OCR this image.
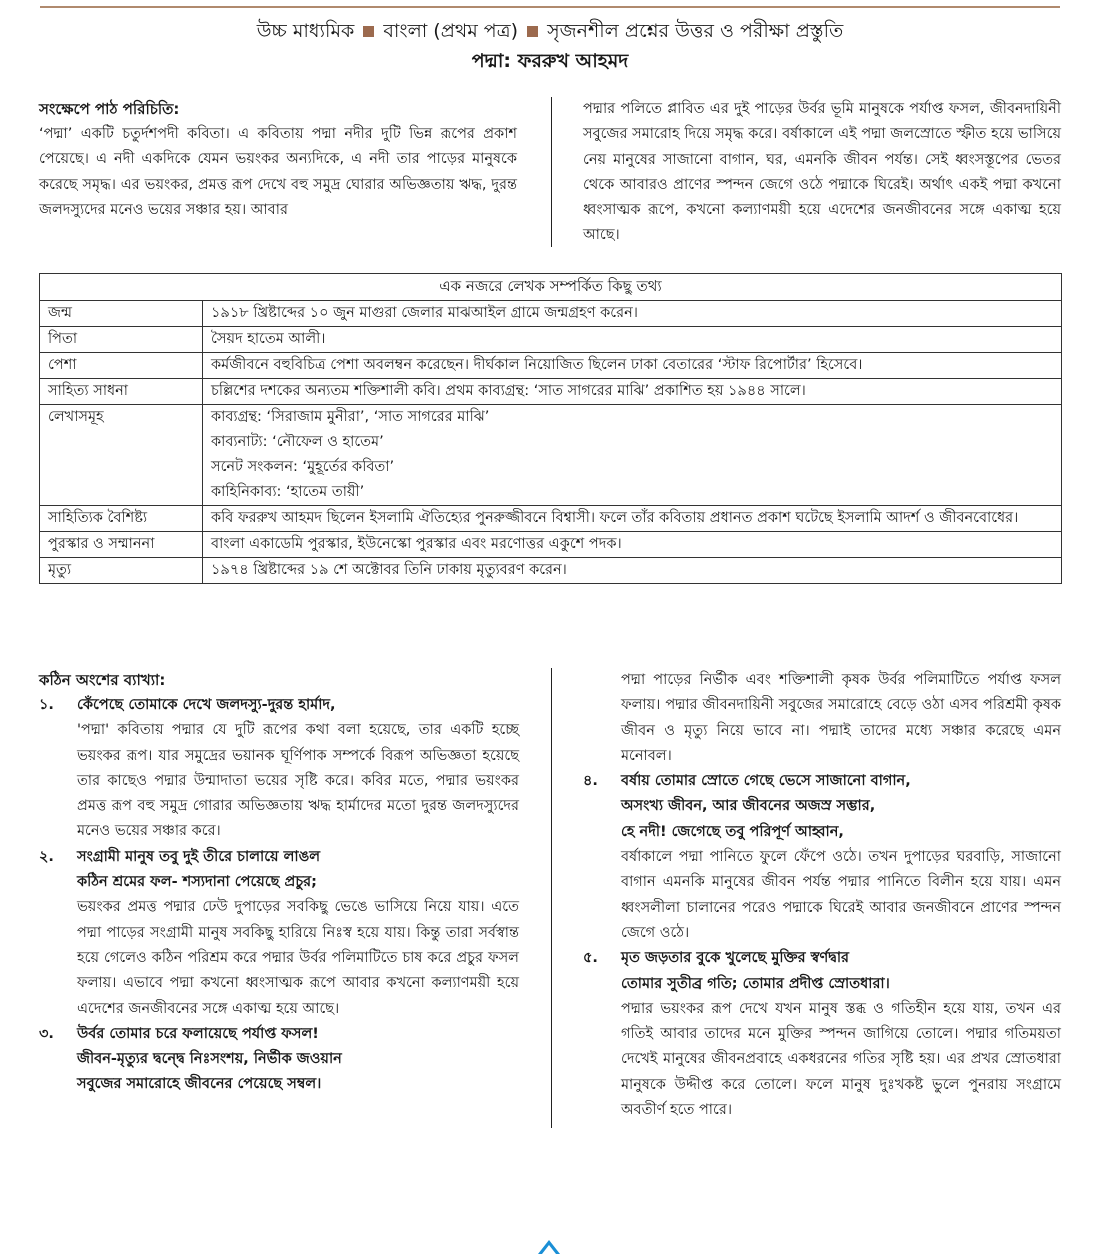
উচ্চ মাধ্যমিক বাংলা (প্রথম পত্র) সৃজনশীল প্রশ্নের উত্তর ও পরীক্ষা প্রস্তুতি
পদ্মা: ফররুখ আহমদ
সংক্ষেপে পাঠ পরিচিতি:
‘পদ্মা’ একটি চতুর্দশপদী কবিতা। এ কবিতায় পদ্মা নদীর দুটি ভিন্ন রূপের প্রকাশ পেয়েছে। এ নদী একদিকে যেমন ভয়ংকর অন্যদিকে, এ নদী তার পাড়ের মানুষকে করেছে সমৃদ্ধ। এর ভয়ংকর, প্রমত্ত রূপ দেখে বহু সমুদ্র ঘোরার অভিজ্ঞতায় ঋদ্ধ, দুরন্ত জলদস্যুদের মনেও ভয়ের সঞ্চার হয়। আবার
পদ্মার পলিতে প্লাবিত এর দুই পাড়ের উর্বর ভূমি মানুষকে পর্যাপ্ত ফসল, জীবনদায়িনী সবুজের সমারোহ দিয়ে সমৃদ্ধ করে। বর্ষাকালে এই পদ্মা জলস্রোতে স্ফীত হয়ে ভাসিয়ে নেয় মানুষের সাজানো বাগান, ঘর, এমনকি জীবন পর্যন্ত। সেই ধ্বংসস্তূপের ভেতর থেকে আবারও প্রাণের স্পন্দন জেগে ওঠে পদ্মাকে ঘিরেই। অর্থাৎ একই পদ্মা কখনো ধ্বংসাত্মক রূপে, কখনো কল্যাণময়ী হয়ে এদেশের জনজীবনের সঙ্গে একাত্ম হয়ে আছে।
এক নজরে লেখক সম্পর্কিত কিছু তথ্য	
জন্ম	১৯১৮ খ্রিষ্টাব্দের ১০ জুন মাগুরা জেলার মাঝআইল গ্রামে জন্মগ্রহণ করেন।
পিতা	সৈয়দ হাতেম আলী।
পেশা	কর্মজীবনে বহুবিচিত্র পেশা অবলম্বন করেছেন। দীর্ঘকাল নিয়োজিত ছিলেন ঢাকা বেতারের ‘স্টাফ রিপোর্টার’ হিসেবে।
সাহিত্য সাধনা	চল্লিশের দশকের অন্যতম শক্তিশালী কবি। প্রথম কাব্যগ্রন্থ: ‘সাত সাগরের মাঝি’ প্রকাশিত হয় ১৯৪৪ সালে।
লেখাসমূহ	কাব্যগ্রন্থ: ‘সিরাজাম মুনীরা’, ‘সাত সাগরের মাঝি’
কাব্যনাট্য: ‘নৌফেল ও হাতেম’
সনেট সংকলন: ‘মুহূর্তের কবিতা’
কাহিনিকাব্য: ‘হাতেম তায়ী’

সাহিত্যিক বৈশিষ্ট্য	কবি ফররুখ আহমদ ছিলেন ইসলামি ঐতিহ্যের পুনরুজ্জীবনে বিশ্বাসী। ফলে তাঁর কবিতায় প্রধানত প্রকাশ ঘটেছে ইসলামি আদর্শ ও জীবনবোধের।
পুরস্কার ও সম্মাননা	বাংলা একাডেমি পুরস্কার, ইউনেস্কো পুরস্কার এবং মরণোত্তর একুশে পদক।
মৃত্যু	১৯৭৪ খ্রিষ্টাব্দের ১৯ শে অক্টোবর তিনি ঢাকায় মৃত্যুবরণ করেন।
কঠিন অংশের ব্যাখ্যা:
১. কেঁপেছে তোমাকে দেখে জলদস্যু-দুরন্ত হার্মাদ,
'পদ্মা' কবিতায় পদ্মার যে দুটি রূপের কথা বলা হয়েছে, তার একটি হচ্ছে ভয়ংকর রূপ। যার সমুদ্রের ভয়ানক ঘূর্ণিপাক সম্পর্কে বিরূপ অভিজ্ঞতা হয়েছে তার কাছেও পদ্মার উন্মাদাতা ভয়ের সৃষ্টি করে। কবির মতে, পদ্মার ভয়ংকর প্রমত্ত রূপ বহু সমুদ্র গোরার অভিজ্ঞতায় ঋদ্ধ হার্মাদের মতো দুরন্ত জলদস্যুদের মনেও ভয়ের সঞ্চার করে।
২. সংগ্রামী মানুষ তবু দুই তীরে চালায়ে লাঙল
কঠিন শ্রমের ফল- শস্যদানা পেয়েছে প্রচুর;
ভয়ংকর প্রমত্ত পদ্মার ঢেউ দুপাড়ের সবকিছু ভেঙে ভাসিয়ে নিয়ে যায়। এতে পদ্মা পাড়ের সংগ্রামী মানুষ সবকিছু হারিয়ে নিঃস্ব হয়ে যায়। কিন্তু তারা সর্বস্বান্ত হয়ে গেলেও কঠিন পরিশ্রম করে পদ্মার উর্বর পলিমাটিতে চাষ করে প্রচুর ফসল ফলায়। এভাবে পদ্মা কখনো ধ্বংসাত্মক রূপে আবার কখনো কল্যাণময়ী হয়ে এদেশের জনজীবনের সঙ্গে একাত্ম হয়ে আছে।
৩. উর্বর তোমার চরে ফলায়েছে পর্যাপ্ত ফসল!
জীবন-মৃত্যুর দ্বন্দ্বে নিঃসংশয়, নির্ভীক জওয়ান
সবুজের সমারোহে জীবনের পেয়েছে সম্বল।
পদ্মা পাড়ের নির্ভীক এবং শক্তিশালী কৃষক উর্বর পলিমাটিতে পর্যাপ্ত ফসল ফলায়। পদ্মার জীবনদায়িনী সবুজের সমারোহে বেড়ে ওঠা এসব পরিশ্রমী কৃষক জীবন ও মৃত্যু নিয়ে ভাবে না। পদ্মাই তাদের মধ্যে সঞ্চার করেছে এমন মনোবল।
৪. বর্ষায় তোমার স্রোতে গেছে ভেসে সাজানো বাগান,
অসংখ্য জীবন, আর জীবনের অজস্র সম্ভার,
হে নদী! জেগেছে তবু পরিপূর্ণ আহ্বান,
বর্ষাকালে পদ্মা পানিতে ফুলে ফেঁপে ওঠে। তখন দুপাড়ের ঘরবাড়ি, সাজানো বাগান এমনকি মানুষের জীবন পর্যন্ত পদ্মার পানিতে বিলীন হয়ে যায়। এমন ধ্বংসলীলা চালানের পরেও পদ্মাকে ঘিরেই আবার জনজীবনে প্রাণের স্পন্দন জেগে ওঠে।
৫. মৃত জড়তার বুকে খুলেছে মুক্তির স্বর্ণদ্বার
তোমার সুতীব্র গতি; তোমার প্রদীপ্ত স্রোতধারা।
পদ্মার ভয়ংকর রূপ দেখে যখন মানুষ স্তব্ধ ও গতিহীন হয়ে যায়, তখন এর গতিই আবার তাদের মনে মুক্তির স্পন্দন জাগিয়ে তোলে। পদ্মার গতিময়তা দেখেই মানুষের জীবনপ্রবাহে একধরনের গতির সৃষ্টি হয়। এর প্রখর স্রোতধারা মানুষকে উদ্দীপ্ত করে তোলে। ফলে মানুষ দুঃখকষ্ট ভুলে পুনরায় সংগ্রামে অবতীর্ণ হতে পারে।
